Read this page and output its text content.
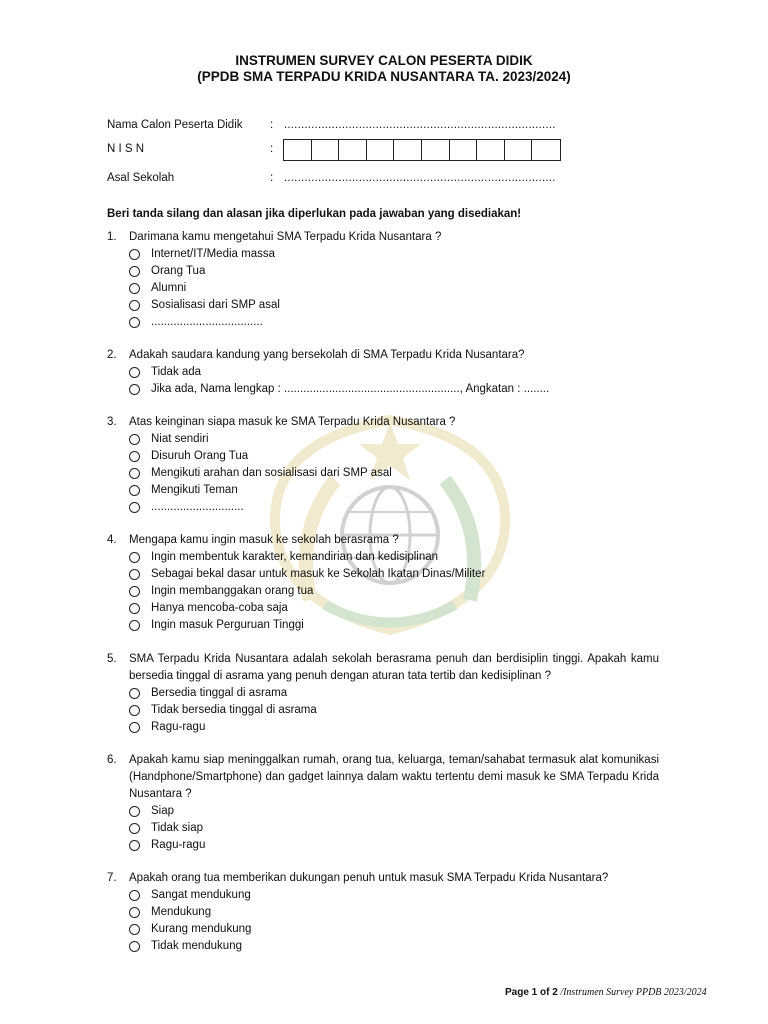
INSTRUMEN SURVEY CALON PESERTA DIDIK
(PPDB SMA TERPADU KRIDA NUSANTARA TA. 2023/2024)
Nama Calon Peserta Didik : ................................................................................
N I S N	:
Asal Sekolah	: ................................................................................
Beri tanda silang dan alasan jika diperlukan pada jawaban yang disediakan!
1. Darimana kamu mengetahui SMA Terpadu Krida Nusantara ?
Internet/IT/Media massa
Orang Tua
Alumni
Sosialisasi dari SMP asal
...................................
2. Adakah saudara kandung yang bersekolah di SMA Terpadu Krida Nusantara?
Tidak ada
Jika ada, Nama lengkap : ......................................................., Angkatan : ........
3. Atas keinginan siapa masuk ke SMA Terpadu Krida Nusantara ?
Niat sendiri
Disuruh Orang Tua
Mengikuti arahan dan sosialisasi dari SMP asal
Mengikuti Teman
.............................
4. Mengapa kamu ingin masuk ke sekolah berasrama ?
Ingin membentuk karakter, kemandirian dan kedisiplinan
Sebagai bekal dasar untuk masuk ke Sekolah Ikatan Dinas/Militer
Ingin membanggakan orang tua
Hanya mencoba-coba saja
Ingin masuk Perguruan Tinggi
5. SMA Terpadu Krida Nusantara adalah sekolah berasrama penuh dan berdisiplin tinggi. Apakah kamu bersedia tinggal di asrama yang penuh dengan aturan tata tertib dan kedisiplinan ?
Bersedia tinggal di asrama
Tidak bersedia tinggal di asrama
Ragu-ragu
6. Apakah kamu siap meninggalkan rumah, orang tua, keluarga, teman/sahabat termasuk alat komunikasi (Handphone/Smartphone) dan gadget lainnya dalam waktu tertentu demi masuk ke SMA Terpadu Krida Nusantara ?
Siap
Tidak siap
Ragu-ragu
7. Apakah orang tua memberikan dukungan penuh untuk masuk SMA Terpadu Krida Nusantara?
Sangat mendukung
Mendukung
Kurang mendukung
Tidak mendukung
Page 1 of 2 /Instrumen Survey PPDB 2023/2024
